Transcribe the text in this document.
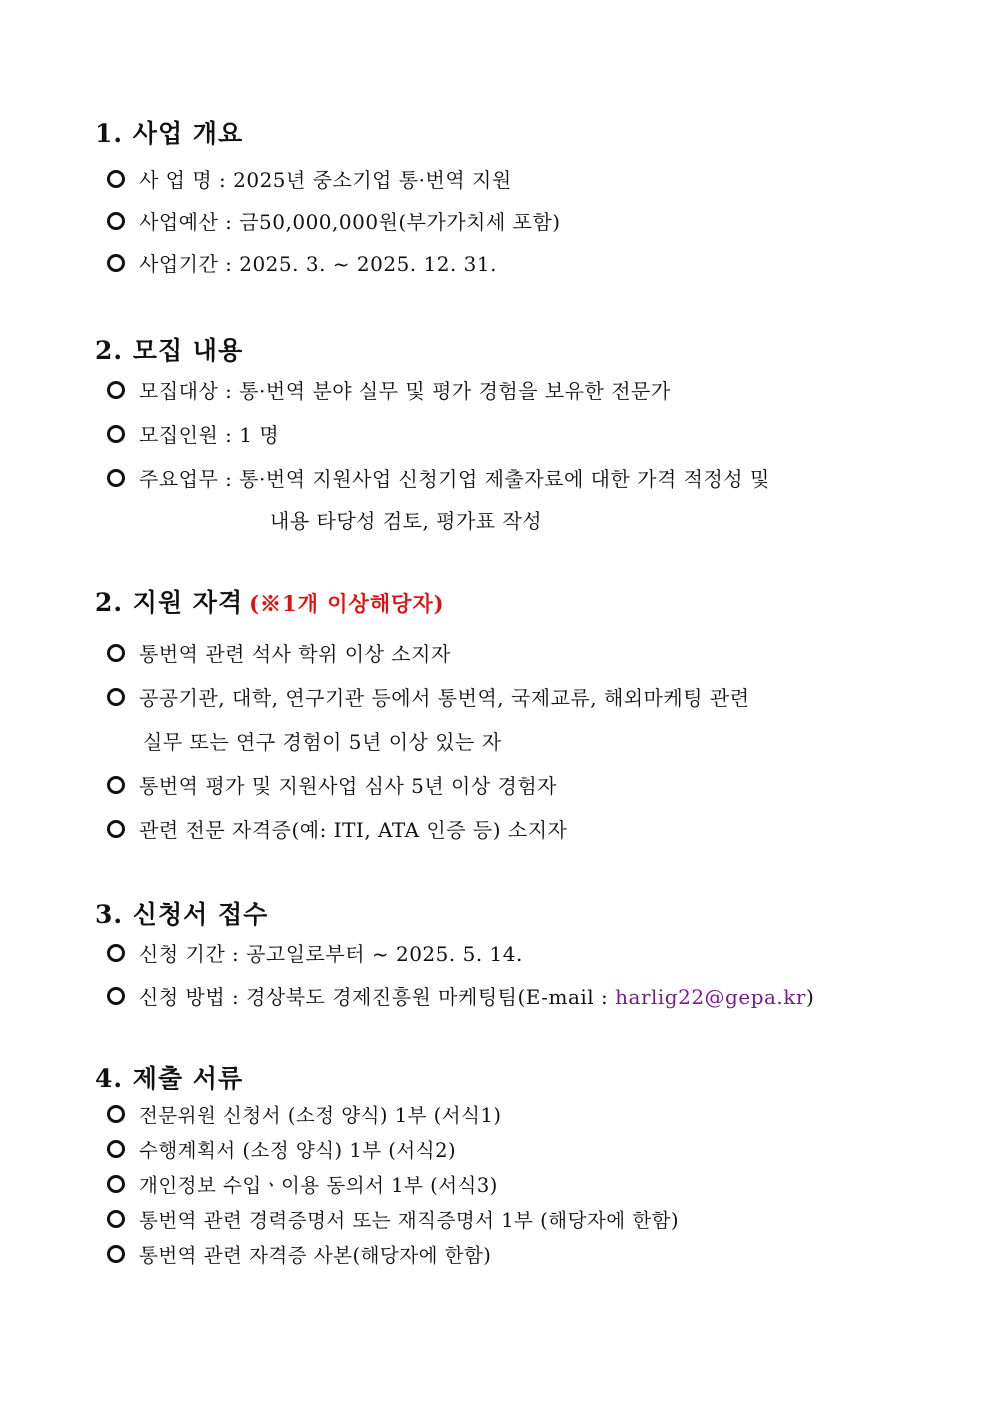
1. 사업 개요
사 업 명 : 2025년 중소기업 통·번역 지원
사업예산 : 금50,000,000원(부가가치세 포함)
사업기간 : 2025. 3. ~ 2025. 12. 31.
2. 모집 내용
모집대상 : 통·번역 분야 실무 및 평가 경험을 보유한 전문가
모집인원 : 1 명
주요업무 : 통·번역 지원사업 신청기업 제출자료에 대한 가격 적정성 및
내용 타당성 검토, 평가표 작성
2. 지원 자격 (※1개 이상해당자)
통번역 관련 석사 학위 이상 소지자
공공기관, 대학, 연구기관 등에서 통번역, 국제교류, 해외마케팅 관련
실무 또는 연구 경험이 5년 이상 있는 자
통번역 평가 및 지원사업 심사 5년 이상 경험자
관련 전문 자격증(예: ITI, ATA 인증 등) 소지자
3. 신청서 접수
신청 기간 : 공고일로부터 ~ 2025. 5. 14.
신청 방법 : 경상북도 경제진흥원 마케팅팀(E-mail : harlig22@gepa.kr)
4. 제출 서류
전문위원 신청서 (소정 양식) 1부 (서식1)
수행계획서 (소정 양식) 1부 (서식2)
개인정보 수입ㆍ이용 동의서 1부 (서식3)
통번역 관련 경력증명서 또는 재직증명서 1부 (해당자에 한함)
통번역 관련 자격증 사본(해당자에 한함)
